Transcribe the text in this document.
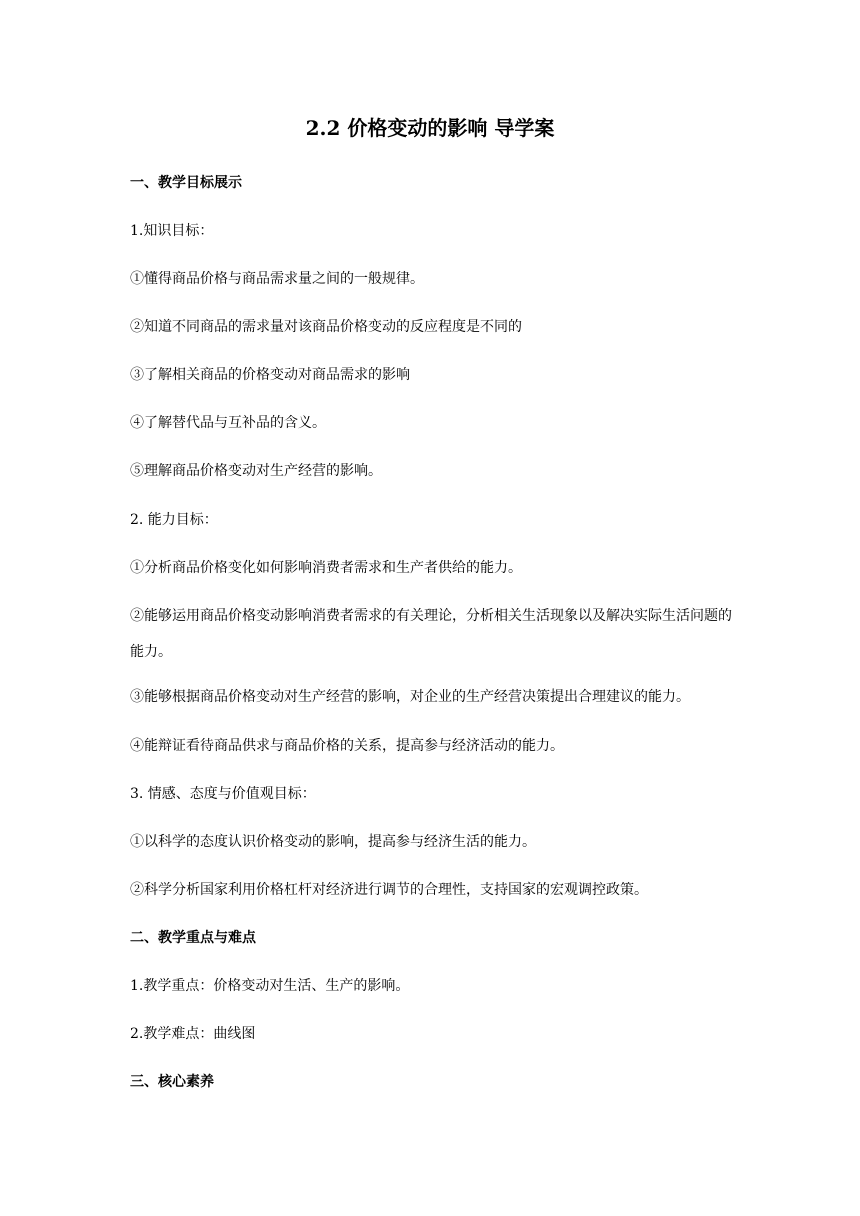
2.2 价格变动的影响 导学案
一、教学目标展示
1.知识目标：
①懂得商品价格与商品需求量之间的一般规律。
②知道不同商品的需求量对该商品价格变动的反应程度是不同的
③了解相关商品的价格变动对商品需求的影响
④了解替代品与互补品的含义。
⑤理解商品价格变动对生产经营的影响。
2. 能力目标：
①分析商品价格变化如何影响消费者需求和生产者供给的能力。
②能够运用商品价格变动影响消费者需求的有关理论，分析相关生活现象以及解决实际生活问题的能力。
③能够根据商品价格变动对生产经营的影响，对企业的生产经营决策提出合理建议的能力。
④能辩证看待商品供求与商品价格的关系，提高参与经济活动的能力。
3. 情感、态度与价值观目标：
①以科学的态度认识价格变动的影响，提高参与经济生活的能力。
②科学分析国家利用价格杠杆对经济进行调节的合理性，支持国家的宏观调控政策。
二、教学重点与难点
1.教学重点：价格变动对生活、生产的影响。
2.教学难点：曲线图
三、核心素养
